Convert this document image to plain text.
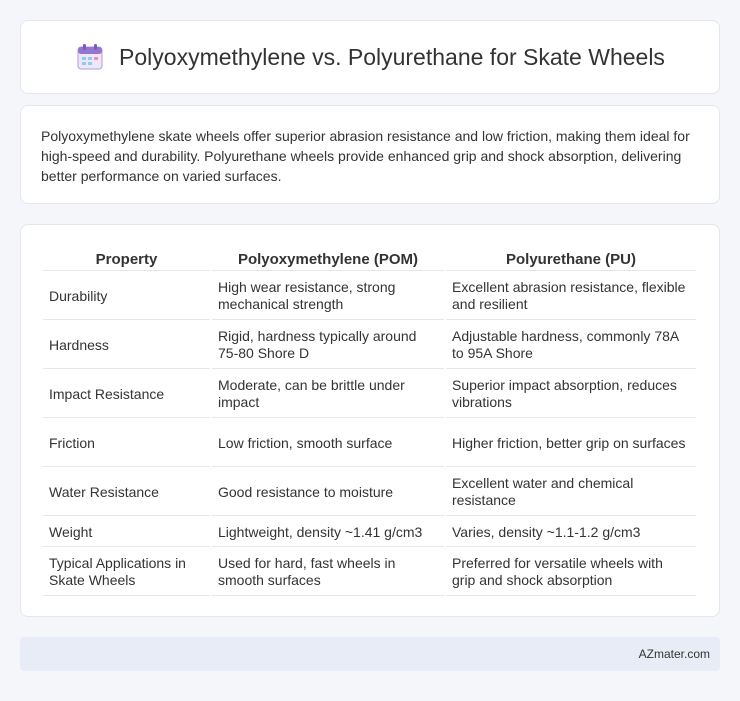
Polyoxymethylene vs. Polyurethane for Skate Wheels

Polyoxymethylene skate wheels offer superior abrasion resistance and low friction, making them ideal for high-speed and durability. Polyurethane wheels provide enhanced grip and shock absorption, delivering better performance on varied surfaces.

Property	Polyoxymethylene (POM)	Polyurethane (PU)
Durability	High wear resistance, strong mechanical strength	Excellent abrasion resistance, flexible and resilient
Hardness	Rigid, hardness typically around 75-80 Shore D	Adjustable hardness, commonly 78A to 95A Shore
Impact Resistance	Moderate, can be brittle under impact	Superior impact absorption, reduces vibrations
Friction	Low friction, smooth surface	Higher friction, better grip on surfaces
Water Resistance	Good resistance to moisture	Excellent water and chemical resistance
Weight	Lightweight, density ~1.41 g/cm3	Varies, density ~1.1-1.2 g/cm3
Typical Applications in Skate Wheels	Used for hard, fast wheels in smooth surfaces	Preferred for versatile wheels with grip and shock absorption
AZmater.com
